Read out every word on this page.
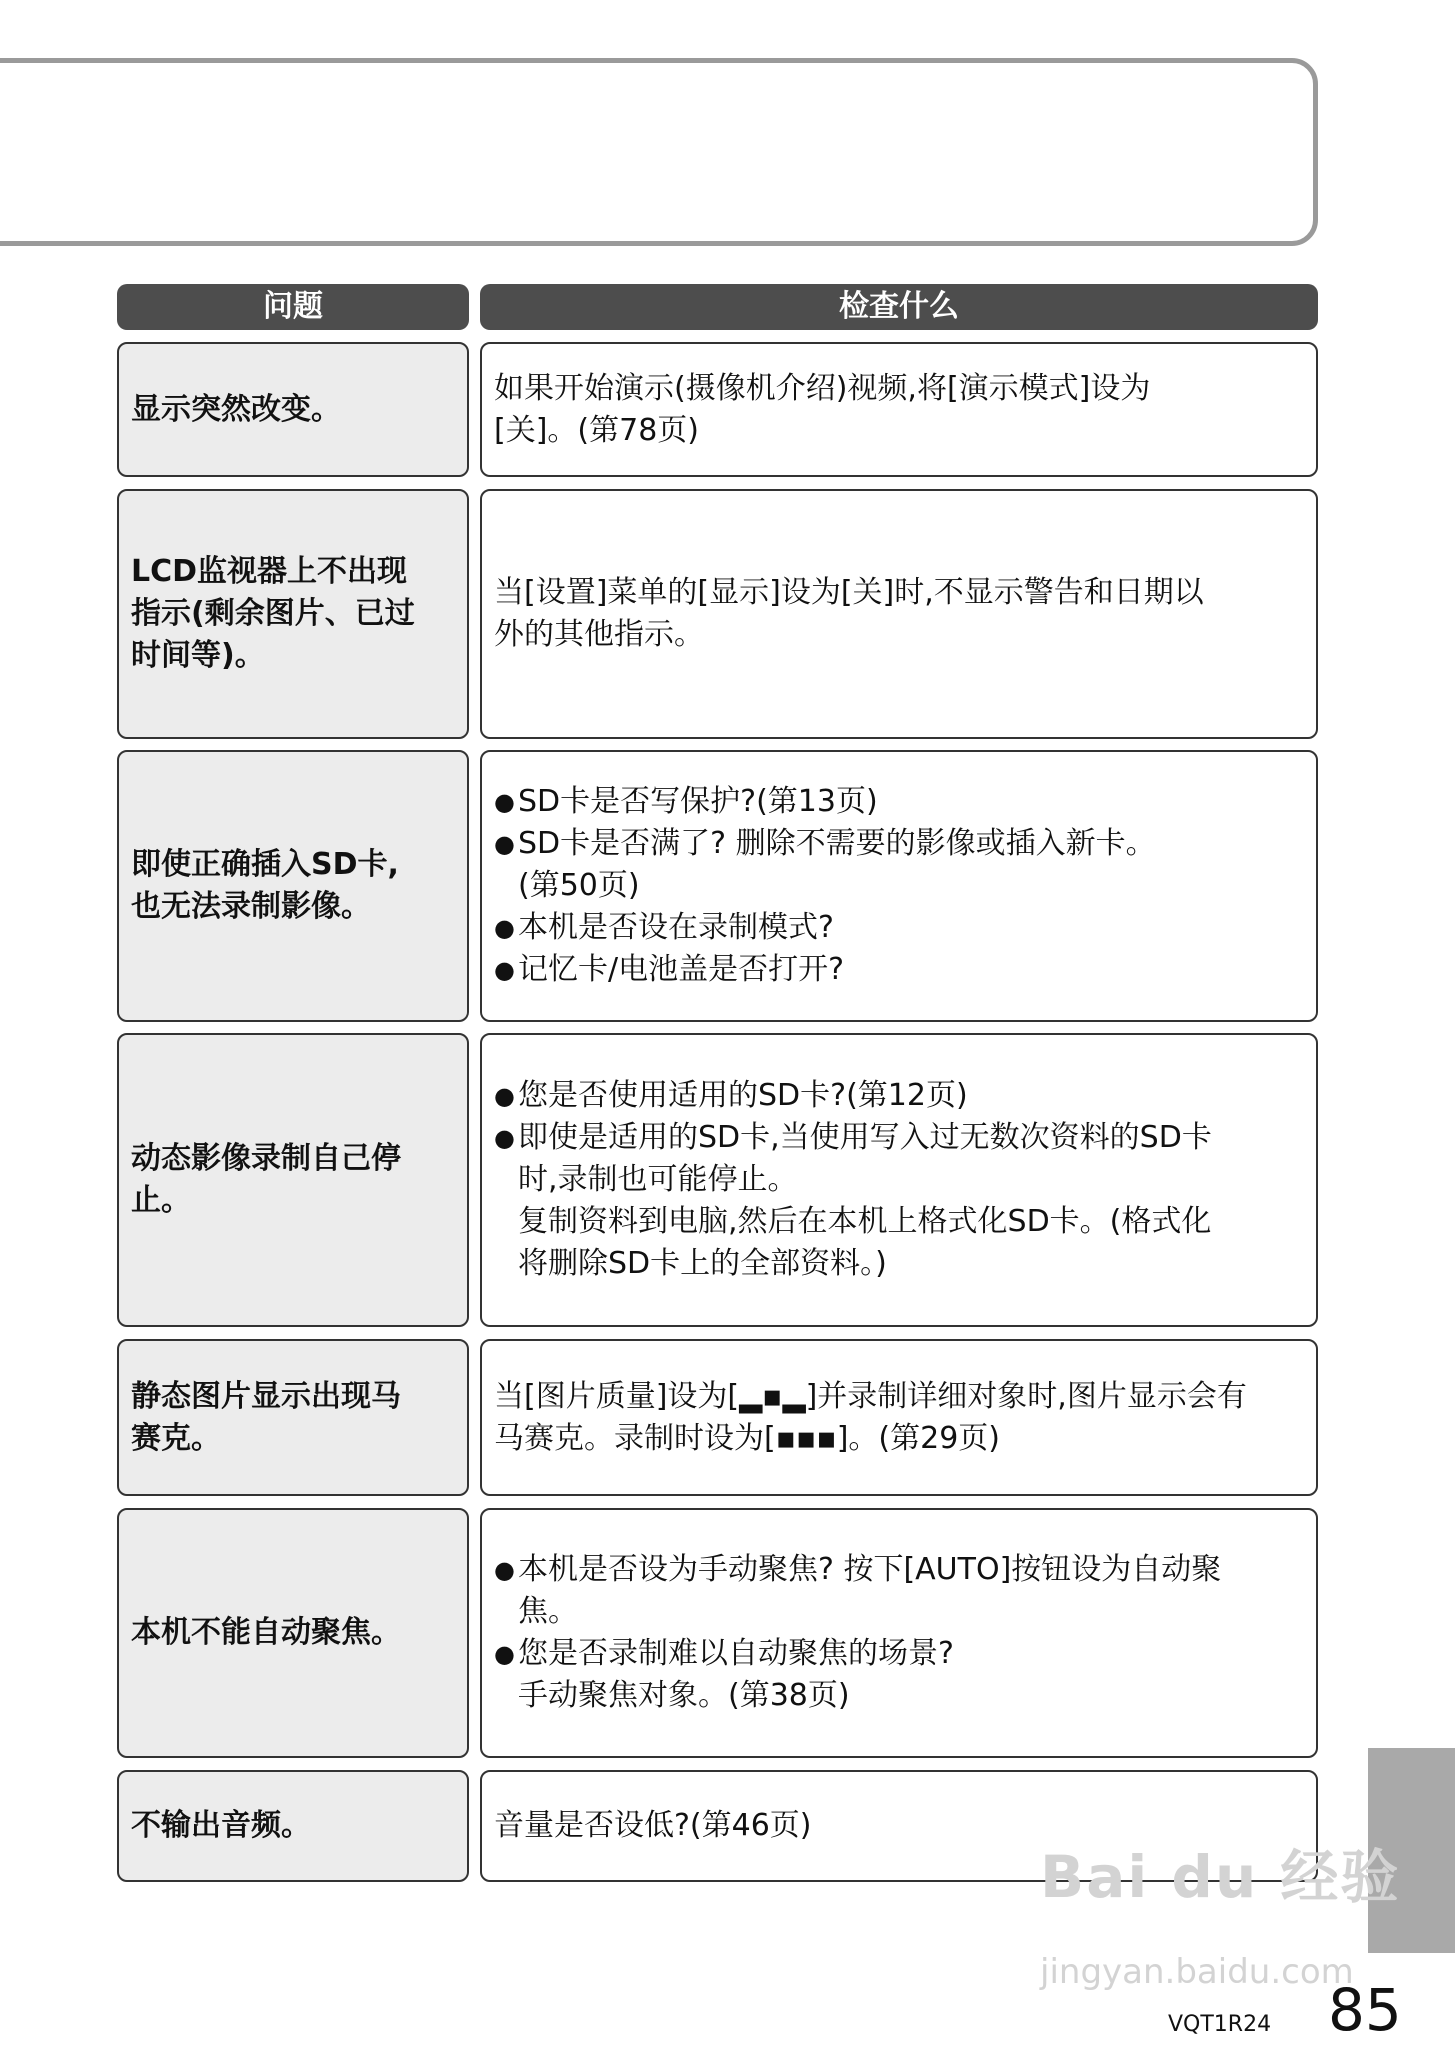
问题	检查什么
显示突然改变。
如果开始演示(摄像机介绍)视频,将[演示模式]设为
[关]。(第78页)
LCD监视器上不出现
指示(剩余图片、已过
时间等)。
当[设置]菜单的[显示]设为[关]时,不显示警告和日期以
外的其他指示。
即使正确插入SD卡,
也无法录制影像。
● SD卡是否写保护?(第13页)
● SD卡是否满了? 删除不需要的影像或插入新卡。
(第50页)
● 本机是否设在录制模式?
● 记忆卡/电池盖是否打开?
动态影像录制自己停
止。
● 您是否使用适用的SD卡?(第12页)
● 即使是适用的SD卡,当使用写入过无数次资料的SD卡
时,录制也可能停止。
复制资料到电脑,然后在本机上格式化SD卡。(格式化
将删除SD卡上的全部资料。)
静态图片显示出现马
赛克。
当[图片质量]设为[▂▪▂]并录制详细对象时,图片显示会有
马赛克。录制时设为[▪▪▪]。(第29页)
本机不能自动聚焦。
● 本机是否设为手动聚焦? 按下[AUTO]按钮设为自动聚
焦。
● 您是否录制难以自动聚焦的场景?
手动聚焦对象。(第38页)
不输出音频。	音量是否设低?(第46页)
Bai du 经验
jingyan.baidu.com
VQT1R24 85
